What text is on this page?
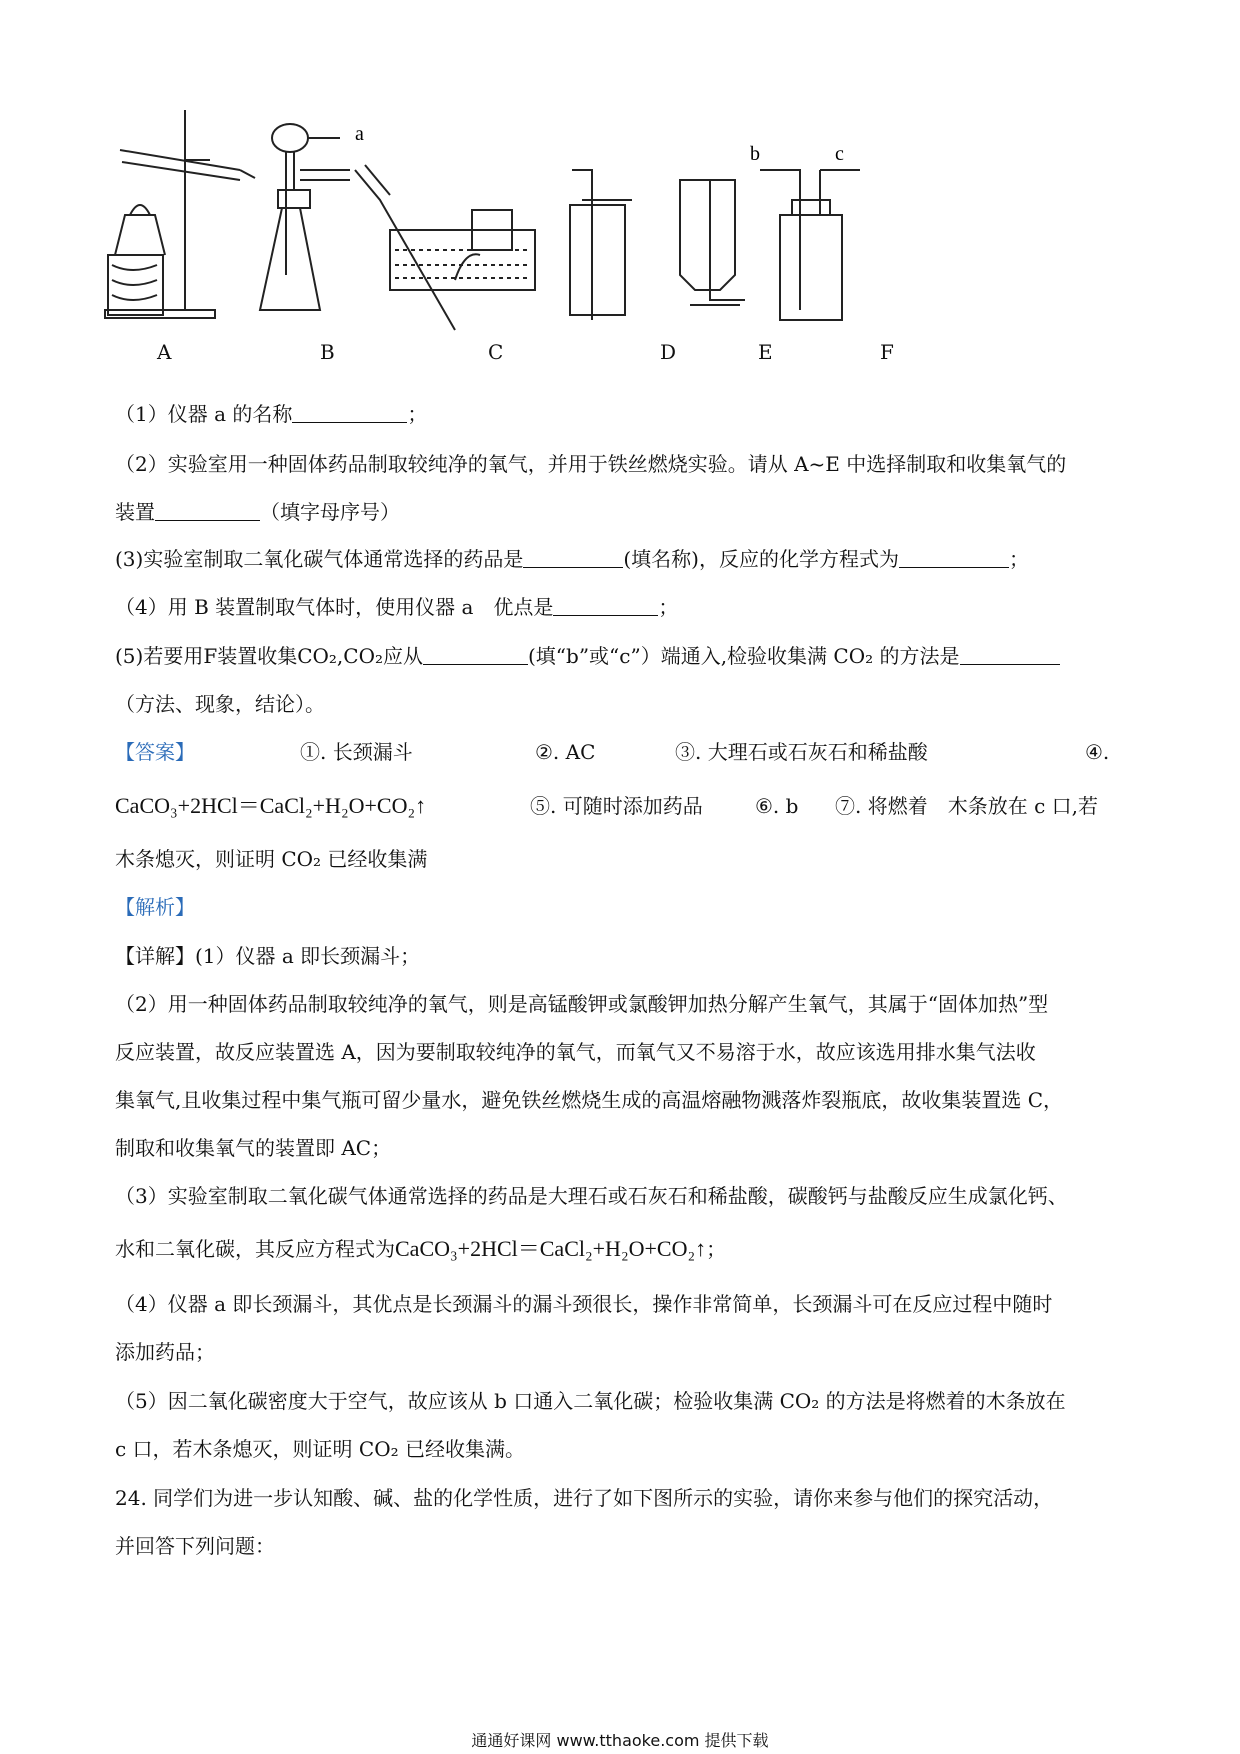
a
b	c
A	B	C	D	E	F
（1）仪器 a 的名称	；
（2）实验室用一种固体药品制取较纯净的氧气，并用于铁丝燃烧实验。请从 A~E 中选择制取和收集氧气的
装置	（填字母序号）
(3)实验室制取二氧化碳气体通常选择的药品是	(填名称)，反应的化学方程式为	；
（4）用 B 装置制取气体时，使用仪器 a　优点是	；
(5)若要用F装置收集CO₂,CO₂应从	(填“b”或“c”）端通入,检验收集满 CO₂ 的方法是
（方法、现象，结论）。
【答案】	①. 长颈漏斗	②. AC	③. 大理石或石灰石和稀盐酸	④.
CaCO₃+2HCl＝CaCl₂+H₂O+CO₂↑	⑤. 可随时添加药品	⑥. b ⑦. 将燃着　木条放在 c 口,若
木条熄灭，则证明 CO₂ 已经收集满
【解析】
【详解】(1）仪器 a 即长颈漏斗；
（2）用一种固体药品制取较纯净的氧气，则是高锰酸钾或氯酸钾加热分解产生氧气，其属于“固体加热”型
反应装置，故反应装置选 A，因为要制取较纯净的氧气，而氧气又不易溶于水，故应该选用排水集气法收
集氧气,且收集过程中集气瓶可留少量水，避免铁丝燃烧生成的高温熔融物溅落炸裂瓶底，故收集装置选 C，
制取和收集氧气的装置即 AC；
（3）实验室制取二氧化碳气体通常选择的药品是大理石或石灰石和稀盐酸，碳酸钙与盐酸反应生成氯化钙、
水和二氧化碳，其反应方程式为CaCO₃+2HCl＝CaCl₂+H₂O+CO₂↑；
（4）仪器 a 即长颈漏斗，其优点是长颈漏斗的漏斗颈很长，操作非常简单，长颈漏斗可在反应过程中随时
添加药品；
（5）因二氧化碳密度大于空气，故应该从 b 口通入二氧化碳；检验收集满 CO₂ 的方法是将燃着的木条放在
c 口，若木条熄灭，则证明 CO₂ 已经收集满。
24. 同学们为进一步认知酸、碱、盐的化学性质，进行了如下图所示的实验，请你来参与他们的探究活动，
并回答下列问题：
通通好课网 www.tthaoke.com 提供下载
